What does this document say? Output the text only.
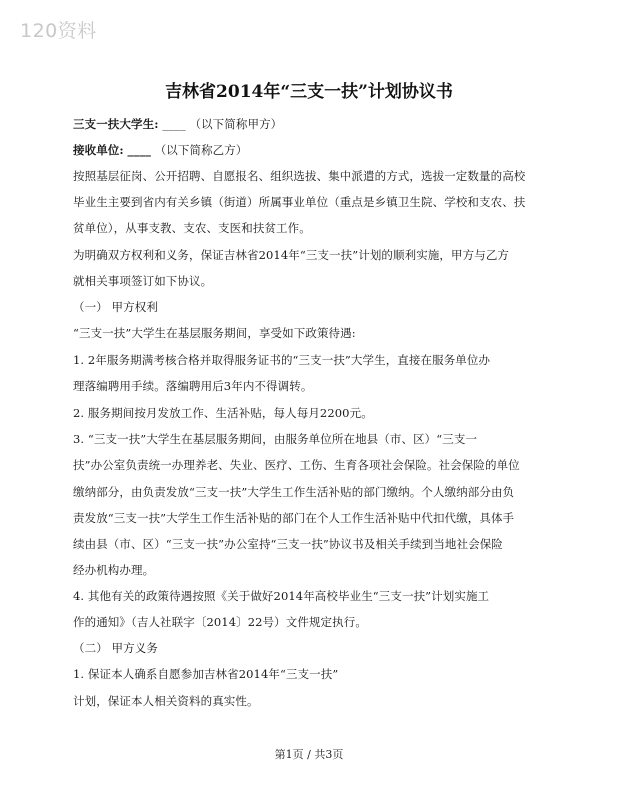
120资料
吉林省2014年“三支一扶”计划协议书
三支一扶大学生: ____ （以下简称甲方）
接收单位: ____ （以下简称乙方）
按照基层征岗、公开招聘、自愿报名、组织选拔、集中派遣的方式，选拔一定数量的高校
毕业生主要到省内有关乡镇（街道）所属事业单位（重点是乡镇卫生院、学校和支农、扶
贫单位），从事支教、支农、支医和扶贫工作。
为明确双方权利和义务，保证吉林省2014年“三支一扶”计划的顺利实施，甲方与乙方
就相关事项签订如下协议。
（一） 甲方权利
“三支一扶”大学生在基层服务期间，享受如下政策待遇:
1. 2年服务期满考核合格并取得服务证书的“三支一扶”大学生，直接在服务单位办
理落编聘用手续。落编聘用后3年内不得调转。
2. 服务期间按月发放工作、生活补贴，每人每月2200元。
3. “三支一扶”大学生在基层服务期间，由服务单位所在地县（市、区）“三支一
扶”办公室负责统一办理养老、失业、医疗、工伤、生育各项社会保险。社会保险的单位
缴纳部分，由负责发放“三支一扶”大学生工作生活补贴的部门缴纳。个人缴纳部分由负
责发放“三支一扶”大学生工作生活补贴的部门在个人工作生活补贴中代扣代缴，具体手
续由县（市、区）“三支一扶”办公室持“三支一扶”协议书及相关手续到当地社会保险
经办机构办理。
4. 其他有关的政策待遇按照《关于做好2014年高校毕业生“三支一扶”计划实施工
作的通知》（吉人社联字〔2014〕22号）文件规定执行。
（二） 甲方义务
1. 保证本人确系自愿参加吉林省2014年“三支一扶”
计划，保证本人相关资料的真实性。
第1页 / 共3页
